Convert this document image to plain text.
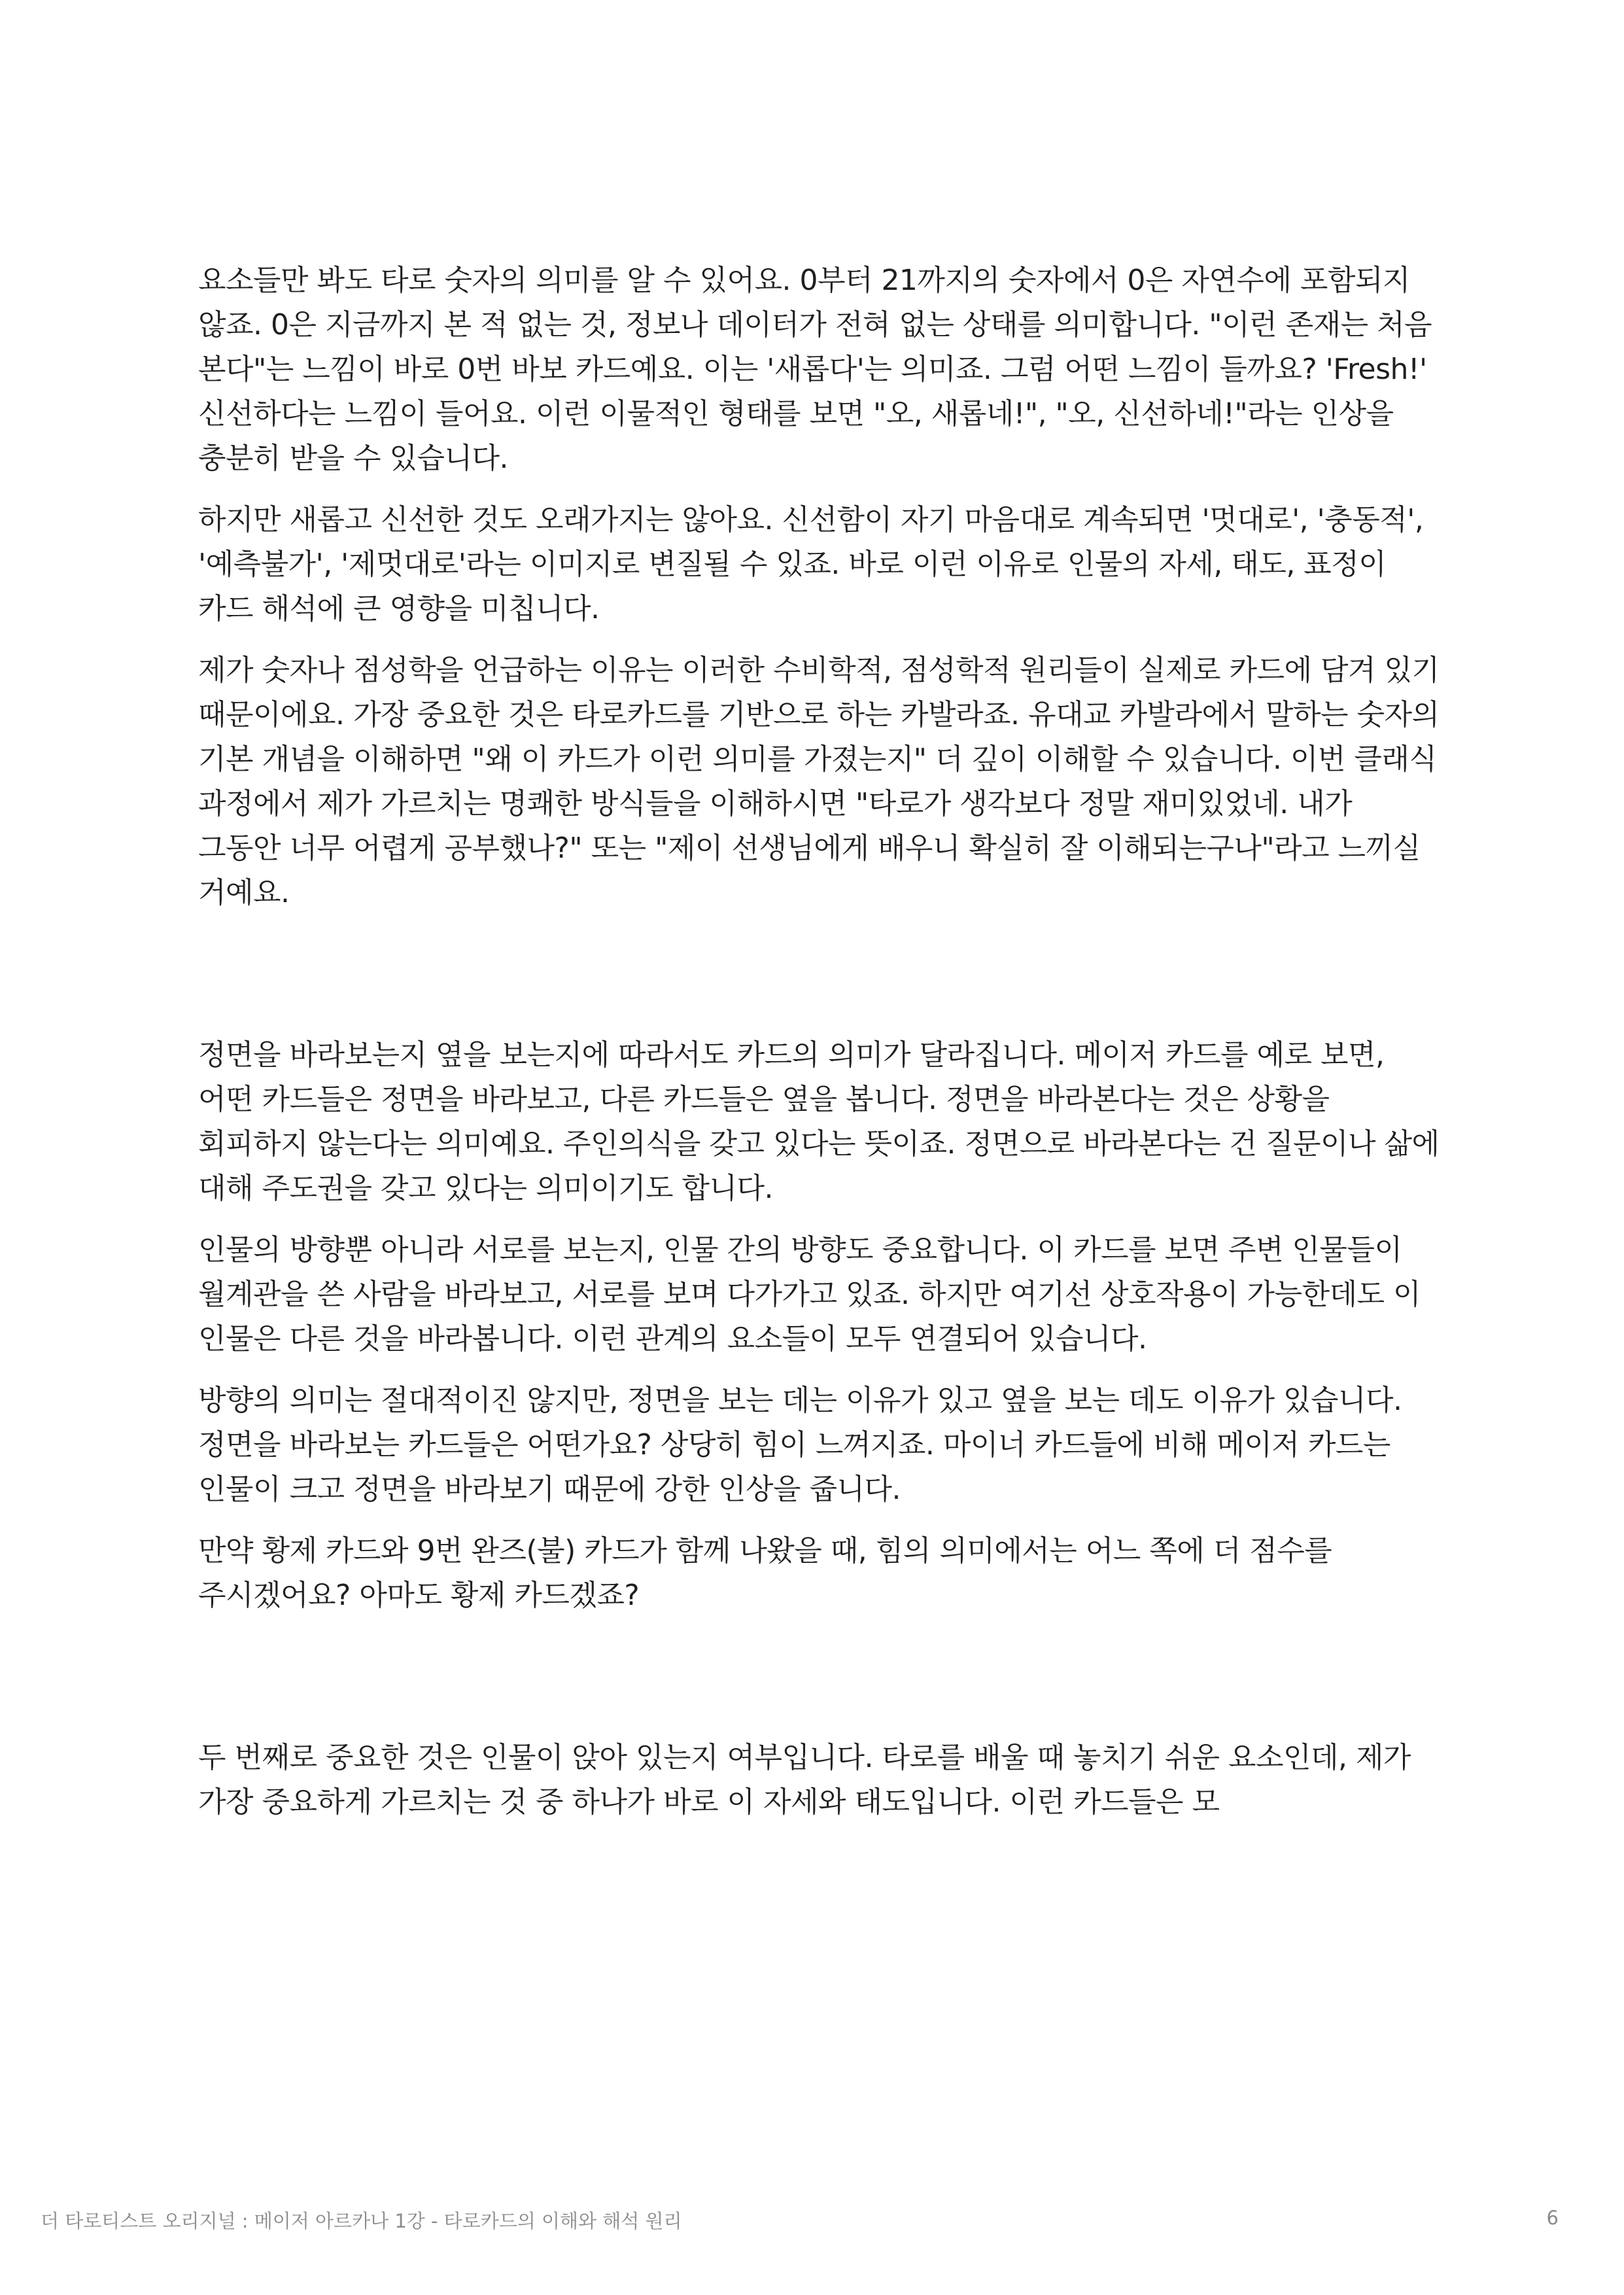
요소들만 봐도 타로 숫자의 의미를 알 수 있어요. 0부터 21까지의 숫자에서 0은 자연수에 포함되지 않죠. 0은 지금까지 본 적 없는 것, 정보나 데이터가 전혀 없는 상태를 의미합니다. "이런 존재는 처음 본다"는 느낌이 바로 0번 바보 카드예요. 이는 '새롭다'는 의미죠. 그럼 어떤 느낌이 들까요? 'Fresh!' 신선하다는 느낌이 들어요. 이런 이물적인 형태를 보면 "오, 새롭네!", "오, 신선하네!"라는 인상을 충분히 받을 수 있습니다.

하지만 새롭고 신선한 것도 오래가지는 않아요. 신선함이 자기 마음대로 계속되면 '멋대로', '충동적', '예측불가', '제멋대로'라는 이미지로 변질될 수 있죠. 바로 이런 이유로 인물의 자세, 태도, 표정이 카드 해석에 큰 영향을 미칩니다.

제가 숫자나 점성학을 언급하는 이유는 이러한 수비학적, 점성학적 원리들이 실제로 카드에 담겨 있기 때문이에요. 가장 중요한 것은 타로카드를 기반으로 하는 카발라죠. 유대교 카발라에서 말하는 숫자의 기본 개념을 이해하면 "왜 이 카드가 이런 의미를 가졌는지" 더 깊이 이해할 수 있습니다. 이번 클래식 과정에서 제가 가르치는 명쾌한 방식들을 이해하시면 "타로가 생각보다 정말 재미있었네. 내가 그동안 너무 어렵게 공부했나?" 또는 "제이 선생님에게 배우니 확실히 잘 이해되는구나"라고 느끼실 거예요.

정면을 바라보는지 옆을 보는지에 따라서도 카드의 의미가 달라집니다. 메이저 카드를 예로 보면, 어떤 카드들은 정면을 바라보고, 다른 카드들은 옆을 봅니다. 정면을 바라본다는 것은 상황을 회피하지 않는다는 의미예요. 주인의식을 갖고 있다는 뜻이죠. 정면으로 바라본다는 건 질문이나 삶에 대해 주도권을 갖고 있다는 의미이기도 합니다.

인물의 방향뿐 아니라 서로를 보는지, 인물 간의 방향도 중요합니다. 이 카드를 보면 주변 인물들이 월계관을 쓴 사람을 바라보고, 서로를 보며 다가가고 있죠. 하지만 여기선 상호작용이 가능한데도 이 인물은 다른 것을 바라봅니다. 이런 관계의 요소들이 모두 연결되어 있습니다.

방향의 의미는 절대적이진 않지만, 정면을 보는 데는 이유가 있고 옆을 보는 데도 이유가 있습니다. 정면을 바라보는 카드들은 어떤가요? 상당히 힘이 느껴지죠. 마이너 카드들에 비해 메이저 카드는 인물이 크고 정면을 바라보기 때문에 강한 인상을 줍니다.

만약 황제 카드와 9번 완즈(불) 카드가 함께 나왔을 때, 힘의 의미에서는 어느 쪽에 더 점수를 주시겠어요? 아마도 황제 카드겠죠?

두 번째로 중요한 것은 인물이 앉아 있는지 여부입니다. 타로를 배울 때 놓치기 쉬운 요소인데, 제가 가장 중요하게 가르치는 것 중 하나가 바로 이 자세와 태도입니다. 이런 카드들은 모

더 타로티스트 오리지널 : 메이저 아르카나 1강 - 타로카드의 이해와 해석 원리	6
